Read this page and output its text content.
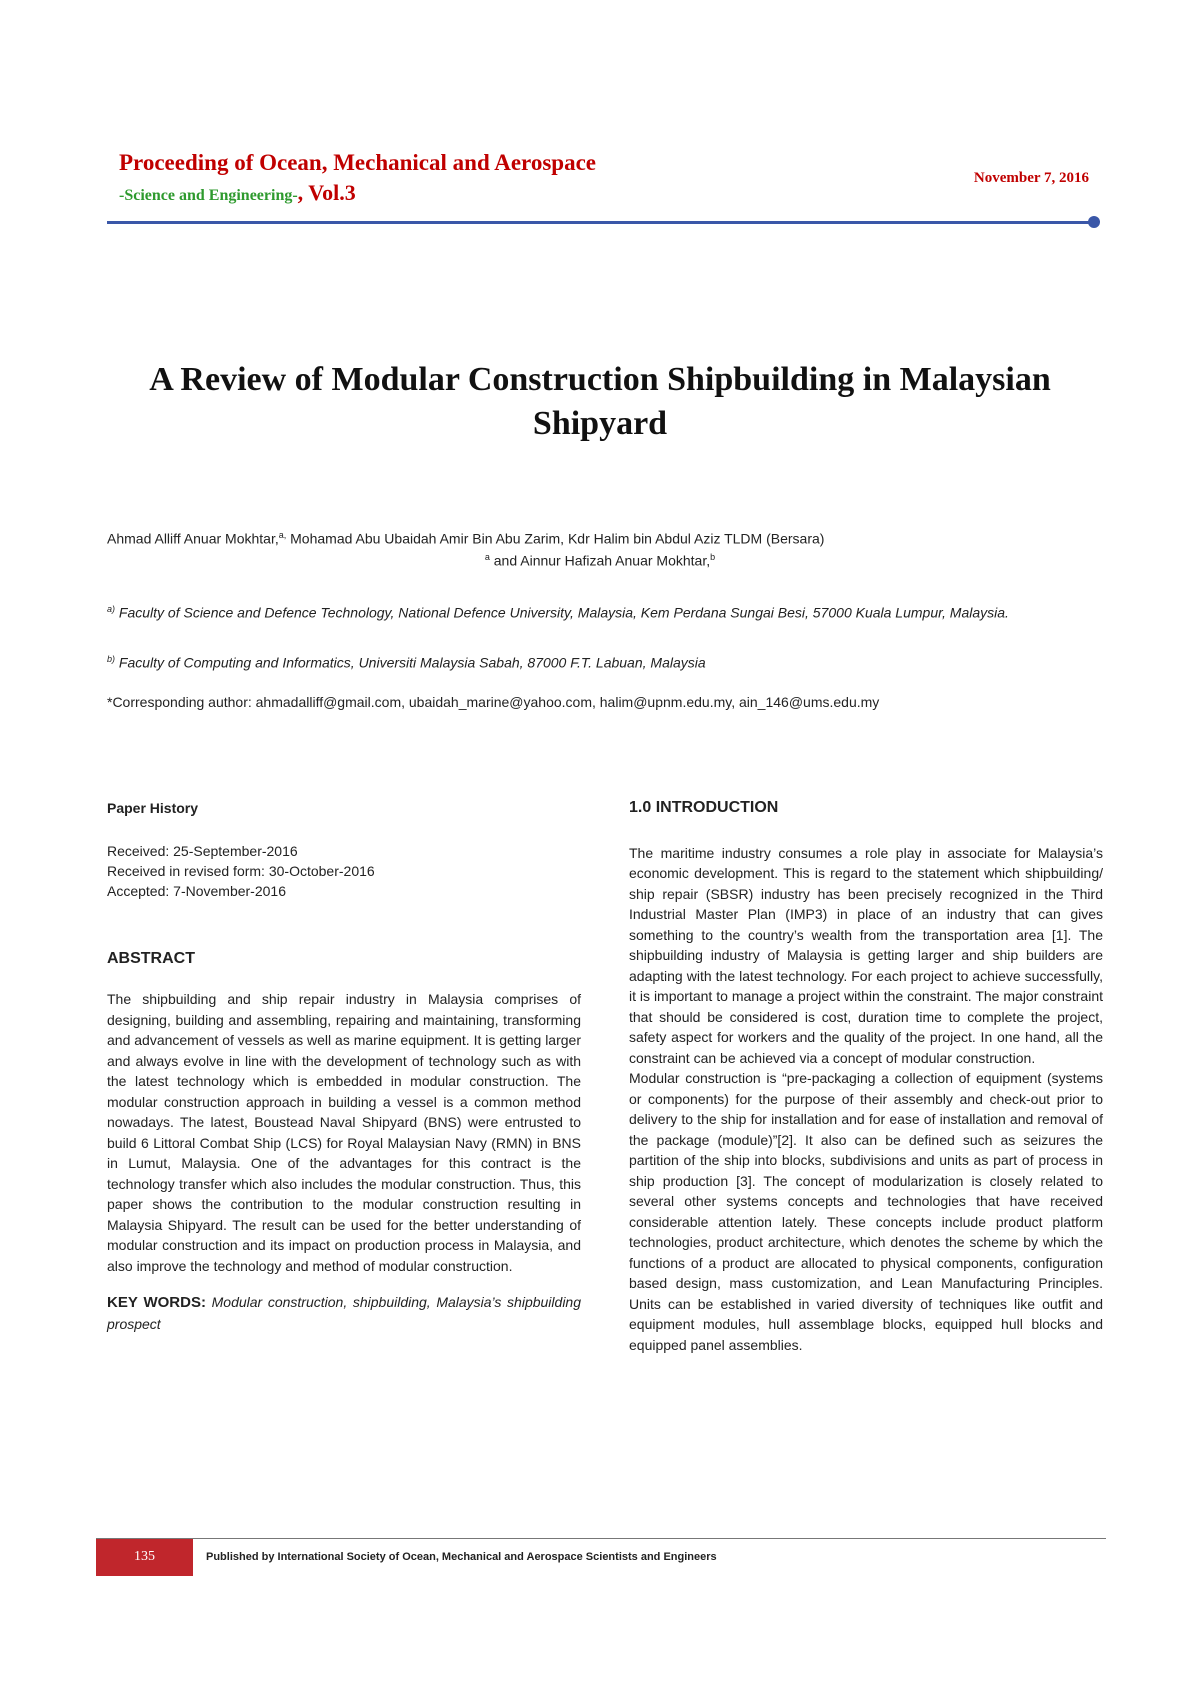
Proceeding of Ocean, Mechanical and Aerospace
-Science and Engineering-, Vol.3
November 7, 2016
A Review of Modular Construction Shipbuilding in Malaysian Shipyard
Ahmad Alliff Anuar Mokhtar,$^{a,}$ Mohamad Abu Ubaidah Amir Bin Abu Zarim, Kdr Halim bin Abdul Aziz TLDM (Bersara)
$^a$ and Ainnur Hafizah Anuar Mokhtar,$^b$
$^{a)}$ Faculty of Science and Defence Technology, National Defence University, Malaysia, Kem Perdana Sungai Besi, 57000 Kuala Lumpur, Malaysia.
$^{b)}$ Faculty of Computing and Informatics, Universiti Malaysia Sabah, 87000 F.T. Labuan, Malaysia
*Corresponding author: ahmadalliff@gmail.com, ubaidah_marine@yahoo.com, halim@upnm.edu.my, ain_146@ums.edu.my
Paper History
Received: 25-September-2016
Received in revised form: 30-October-2016
Accepted: 7-November-2016
ABSTRACT
The shipbuilding and ship repair industry in Malaysia comprises of designing, building and assembling, repairing and maintaining, transforming and advancement of vessels as well as marine equipment. It is getting larger and always evolve in line with the development of technology such as with the latest technology which is embedded in modular construction. The modular construction approach in building a vessel is a common method nowadays. The latest, Boustead Naval Shipyard (BNS) were entrusted to build 6 Littoral Combat Ship (LCS) for Royal Malaysian Navy (RMN) in BNS in Lumut, Malaysia. One of the advantages for this contract is the technology transfer which also includes the modular construction. Thus, this paper shows the contribution to the modular construction resulting in Malaysia Shipyard. The result can be used for the better understanding of modular construction and its impact on production process in Malaysia, and also improve the technology and method of modular construction.
KEY WORDS: Modular construction, shipbuilding, Malaysia’s shipbuilding prospect
1.0 INTRODUCTION

The maritime industry consumes a role play in associate for Malaysia’s economic development. This is regard to the statement which shipbuilding/ ship repair (SBSR) industry has been precisely recognized in the Third Industrial Master Plan (IMP3) in place of an industry that can gives something to the country’s wealth from the transportation area [1]. The shipbuilding industry of Malaysia is getting larger and ship builders are adapting with the latest technology. For each project to achieve successfully, it is important to manage a project within the constraint. The major constraint that should be considered is cost, duration time to complete the project, safety aspect for workers and the quality of the project. In one hand, all the constraint can be achieved via a concept of modular construction.

Modular construction is “pre-packaging a collection of equipment (systems or components) for the purpose of their assembly and check-out prior to delivery to the ship for installation and for ease of installation and removal of the package (module)”[2]. It also can be defined such as seizures the partition of the ship into blocks, subdivisions and units as part of process in ship production [3]. The concept of modularization is closely related to several other systems concepts and technologies that have received considerable attention lately. These concepts include product platform technologies, product architecture, which denotes the scheme by which the functions of a product are allocated to physical components, configuration based design, mass customization, and Lean Manufacturing Principles. Units can be established in varied diversity of techniques like outfit and equipment modules, hull assemblage blocks, equipped hull blocks and equipped panel assemblies.

135	Published by International Society of Ocean, Mechanical and Aerospace Scientists and Engineers
